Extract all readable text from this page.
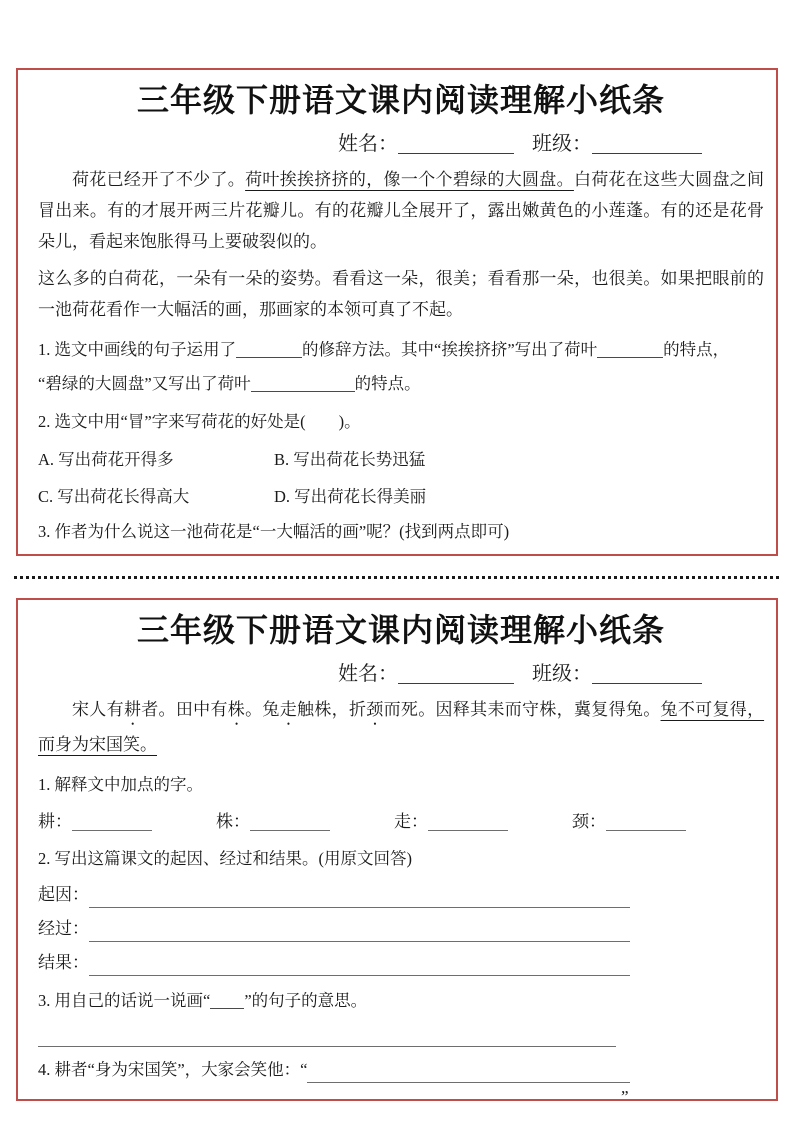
三年级下册语文课内阅读理解小纸条
姓名：	班级：

荷花已经开了不少了。荷叶挨挨挤挤的，像一个个碧绿的大圆盘。白荷花在这些大圆盘之间冒出来。有的才展开两三片花瓣儿。有的花瓣儿全展开了，露出嫩黄色的小莲蓬。有的还是花骨朵儿，看起来饱胀得马上要破裂似的。

这么多的白荷花，一朵有一朵的姿势。看看这一朵，很美；看看那一朵，也很美。如果把眼前的一池荷花看作一大幅活的画，那画家的本领可真了不起。

1. 选文中画线的句子运用了	的修辞方法。其中“挨挨挤挤”写出了荷叶	的特点，
“碧绿的大圆盘”又写出了荷叶	的特点。
2. 选文中用“冒”字来写荷花的好处是(　　)。
A. 写出荷花开得多	B. 写出荷花长势迅猛
C. 写出荷花长得高大	D. 写出荷花长得美丽
3. 作者为什么说这一池荷花是“一大幅活的画”呢？(找到两点即可)
三年级下册语文课内阅读理解小纸条
姓名：	班级：

宋人有耕者。田中有株。兔走触株，折颈而死。因释其耒而守株，冀复得兔。兔不可复得，而身为宋国笑。

1. 解释文中加点的字。
耕：	株：	走：	颈：
2. 写出这篇课文的起因、经过和结果。(用原文回答)
起因：
经过：
结果：
3. 用自己的话说一说画“ ”的句子的意思。
4. 耕者“身为宋国笑”，大家会笑他：“
”
